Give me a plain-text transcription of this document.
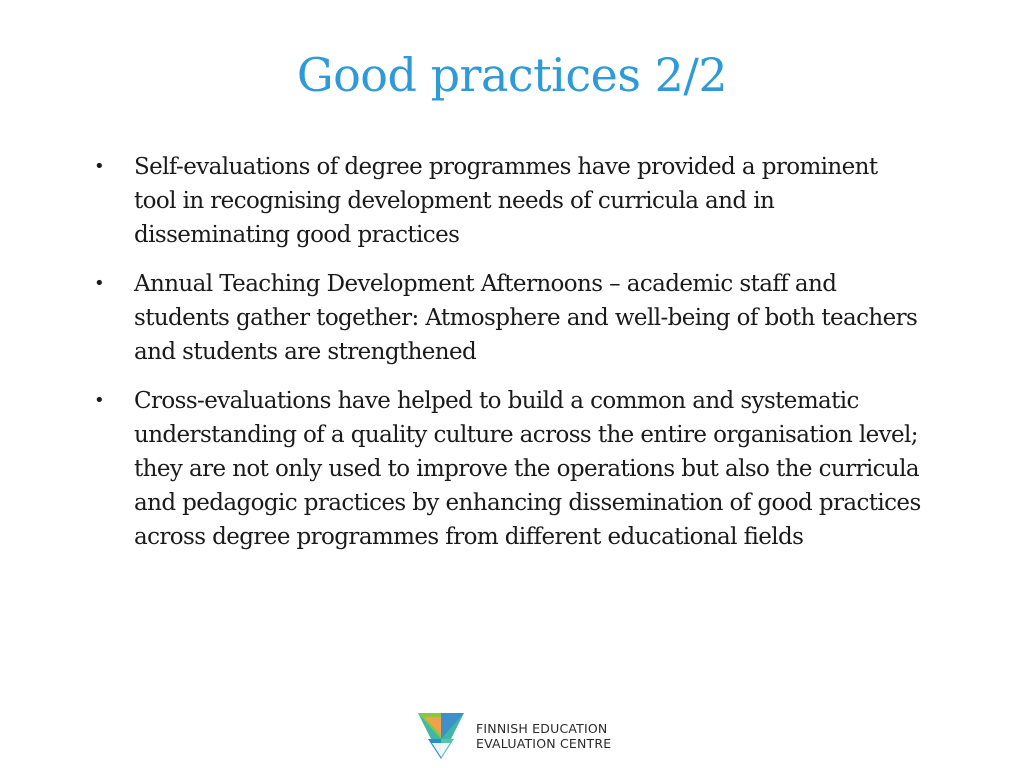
Good practices 2/2
• Self-evaluations of degree programmes have provided a prominent tool in recognising development needs of curricula and in disseminating good practices
• Annual Teaching Development Afternoons – academic staff and students gather together: Atmosphere and well-being of both teachers and students are strengthened
• Cross-evaluations have helped to build a common and systematic understanding of a quality culture across the entire organisation level; they are not only used to improve the operations but also the curricula and pedagogic practices by enhancing dissemination of good practices across degree programmes from different educational fields
FINNISH EDUCATION
EVALUATION CENTRE
